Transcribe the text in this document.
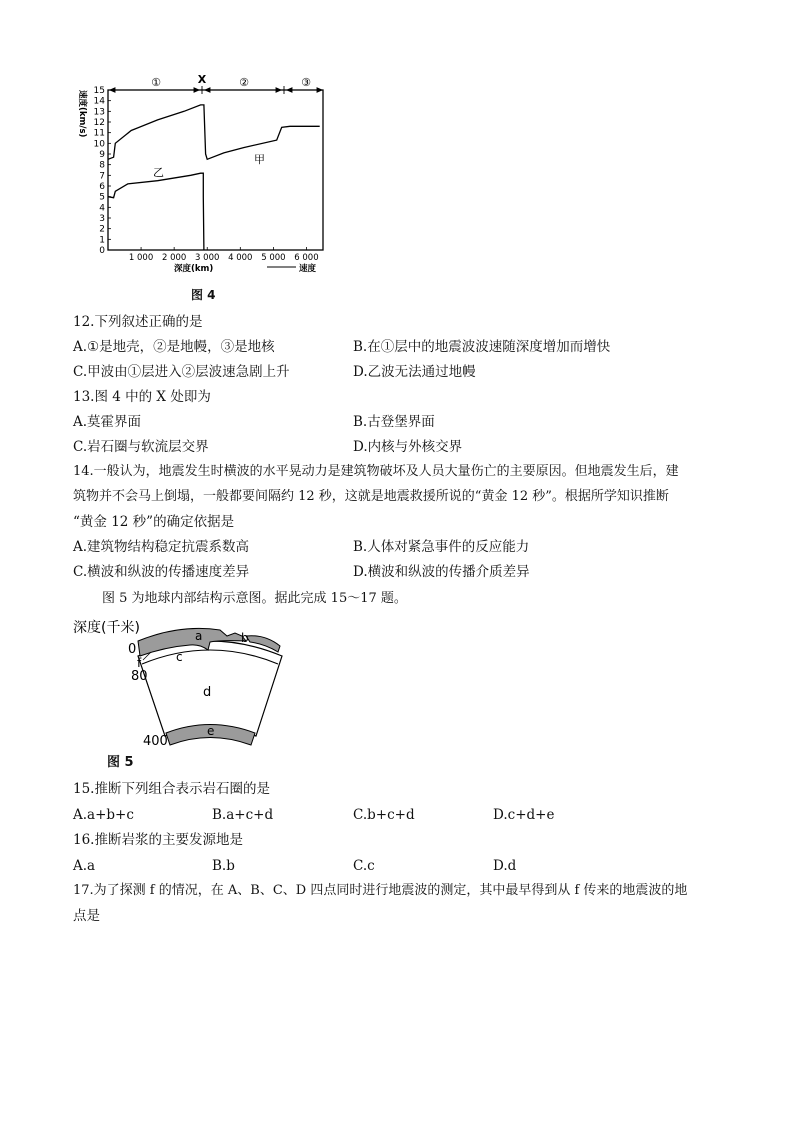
①	X	②	③
速度(km/s)
0
1
2
3
4
5
6
7
8
9
10
11
12
13
14
15
1 000 2 000 3 000 4 000 5 000 6 000
甲
乙
深度(km)	速度
图 4
12.下列叙述正确的是
A.①是地壳，②是地幔，③是地核	B.在①层中的地震波波速随深度增加而增快
C.甲波由①层进入②层波速急剧上升	D.乙波无法通过地幔
13.图 4 中的 X 处即为
A.莫霍界面	B.古登堡界面
C.岩石圈与软流层交界	D.内核与外核交界
14.一般认为，地震发生时横波的水平晃动力是建筑物破坏及人员大量伤亡的主要原因。但地震发生后，建
筑物并不会马上倒塌，一般都要间隔约 12 秒，这就是地震救援所说的“黄金 12 秒”。根据所学知识推断
“黄金 12 秒”的确定依据是
A.建筑物结构稳定抗震系数高	B.人体对紧急事件的反应能力
C.横波和纵波的传播速度差异	D.横波和纵波的传播介质差异
图 5 为地球内部结构示意图。据此完成 15～17 题。
深度(千米)	a	b
c
d
e
f
0
80
400
图 5
15.推断下列组合表示岩石圈的是
A.a+b+c	B.a+c+d	C.b+c+d	D.c+d+e
16.推断岩浆的主要发源地是
A.a	B.b	C.c	D.d
17.为了探测 f 的情况，在 A、B、C、D 四点同时进行地震波的测定，其中最早得到从 f 传来的地震波的地
点是
